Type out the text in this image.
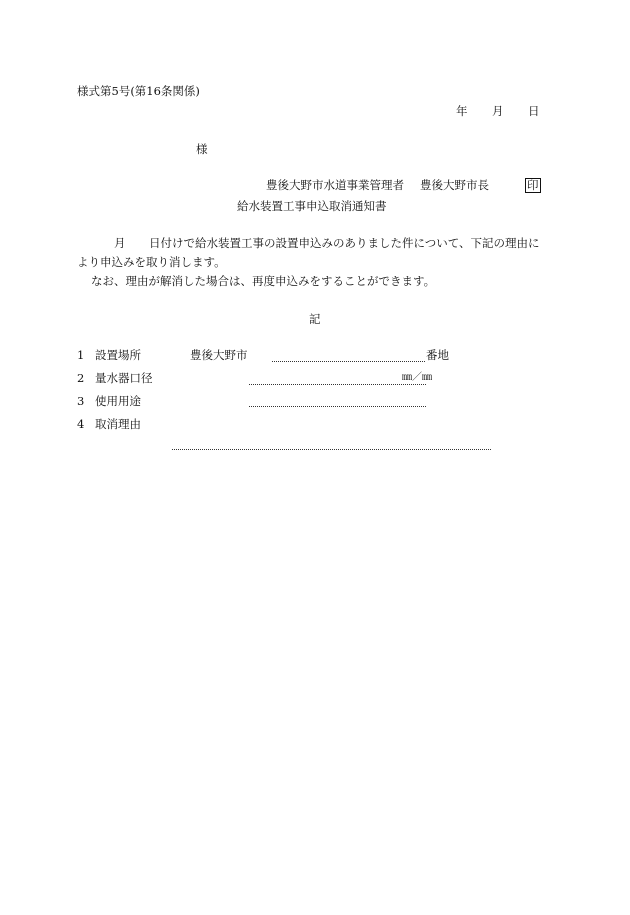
様式第5号(第16条関係)
年 月 日
様
豊後大野市水道事業管理者 豊後大野市長	印
給水装置工事申込取消通知書
月 日付けで給水装置工事の設置申込みのありました件について、下記の理由に
より申込みを取り消します。
なお、理由が解消した場合は、再度申込みをすることができます。
記
1 設置場所	豊後大野市	番地
2 量水器口径	㎜／㎜
3 使用用途
4 取消理由
